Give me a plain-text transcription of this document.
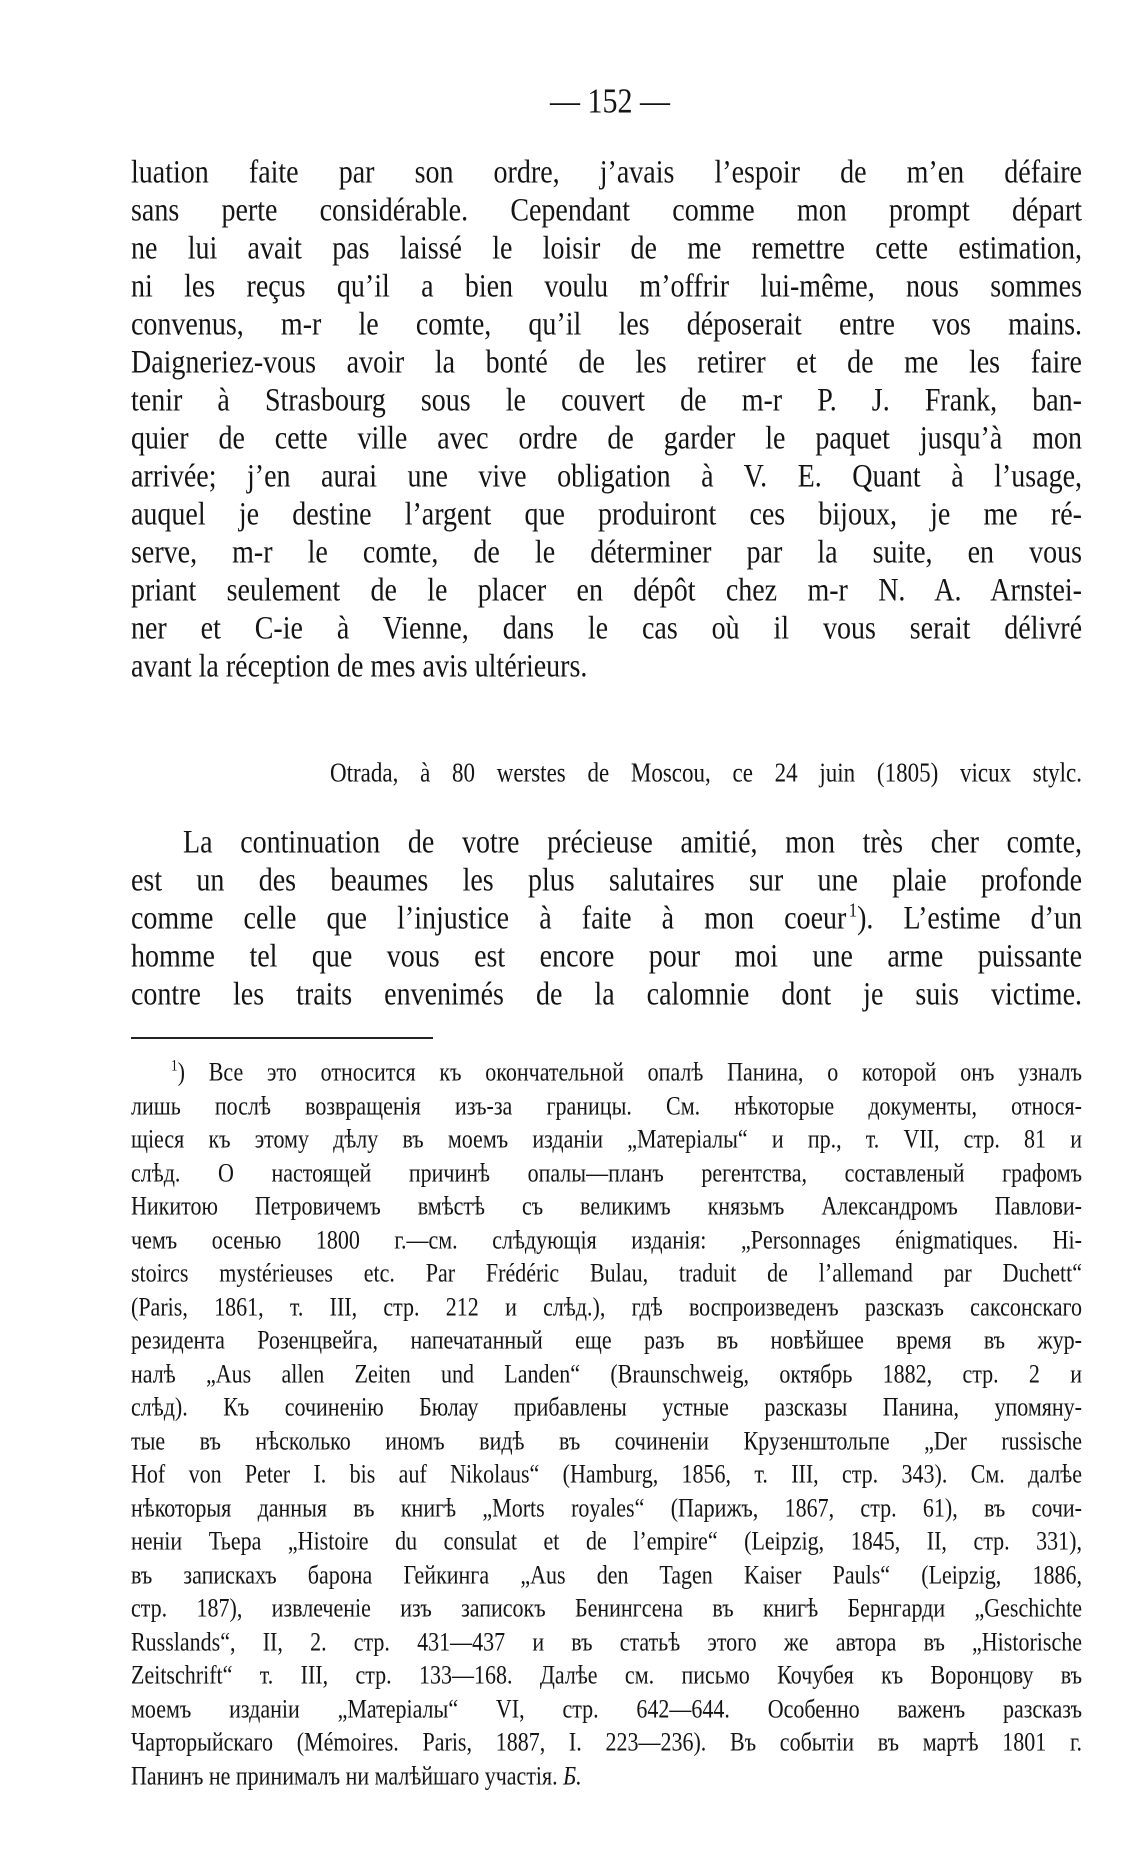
— 152 —
luation faite par son ordre, j’avais l’espoir de m’en défaire
sans perte considérable. Cependant comme mon prompt départ
ne lui avait pas laissé le loisir de me remettre cette estimation,
ni les reçus qu’il a bien voulu m’offrir lui-même, nous sommes
convenus, m-r le comte, qu’il les déposerait entre vos mains.
Daigneriez-vous avoir la bonté de les retirer et de me les faire
tenir à Strasbourg sous le couvert de m-r P. J. Frank, ban-
quier de cette ville avec ordre de garder le paquet jusqu’à mon
arrivée; j’en aurai une vive obligation à V. E. Quant à l’usage,
auquel je destine l’argent que produiront ces bijoux, je me ré-
serve, m-r le comte, de le déterminer par la suite, en vous
priant seulement de le placer en dépôt chez m-r N. A. Arnstei-
ner et C-ie à Vienne, dans le cas où il vous serait délivré
avant la réception de mes avis ultérieurs.
Otrada, à 80 werstes de Moscou, ce 24 juin (1805) vicux stylc.
La continuation de votre précieuse amitié, mon très cher comte,
est un des beaumes les plus salutaires sur une plaie profonde
comme celle que l’injustice à faite à mon coeur  $^1$). L’estime d’un
homme tel que vous est encore pour moi une arme puissante
contre les traits envenimés de la calomnie dont je suis victime.
$^1$) Все это относится къ окончательной опалѣ Панина, о которой онъ узналъ
лишь послѣ возвращенія изъ-за границы. См. нѣкоторые документы, относя-
щіеся къ этому дѣлу въ моемъ изданіи „Матеріалы“ и пр., т. VII, стр. 81 и
слѣд. О настоящей причинѣ опалы—планъ регентства, составленый графомъ
Никитою Петровичемъ вмѣстѣ съ великимъ князьмъ Александромъ Павлови-
чемъ осенью 1800 г.—см. слѣдующія изданія: „Personnages énigmatiques. Hi-
stoircs mystérieuses etc. Par Frédéric Bulau, traduit de l’allemand par Duchett“
(Paris, 1861, т. III, стр. 212 и слѣд.), гдѣ воспроизведенъ разсказъ саксонскаго
резидента Розенцвейга, напечатанный еще разъ въ новѣйшее время въ жур-
налѣ „Aus allen Zeiten und Landen“ (Braunschweig, октябрь 1882, стр. 2 и
слѣд). Къ сочиненію Бюлау прибавлены устные разсказы Панина, упомяну-
тые въ нѣсколько иномъ видѣ въ сочиненіи Крузенштольпе „Der russische
Hof von Peter I. bis auf Nikolaus“ (Hamburg, 1856, т. III, стр. 343). См. далѣе
нѣкоторыя данныя въ книгѣ „Morts royales“ (Парижъ, 1867, стр. 61), въ сочи-
неніи Тьера „Histoire du consulat et de l’empire“ (Leipzig, 1845, II, стр. 331),
въ запискахъ барона Гейкинга „Aus den Tagen Kaiser Pauls“ (Leipzig, 1886,
стр. 187), извлеченіе изъ записокъ Бенингсена въ книгѣ Бернгарди „Geschichte
Russlands“, II, 2. стр. 431—437 и въ статьѣ этого же автора въ „Historische
Zeitschrift“ т. III, стр. 133—168. Далѣе см. письмо Кочубея къ Воронцову въ
моемъ изданіи „Матеріалы“ VI, стр. 642—644. Особенно важенъ разсказъ
Чарторыйскаго (Mémoires. Paris, 1887, I. 223—236). Въ событіи въ мартѣ 1801 г.
Панинъ не принималъ ни малѣйшаго участія. Б.
